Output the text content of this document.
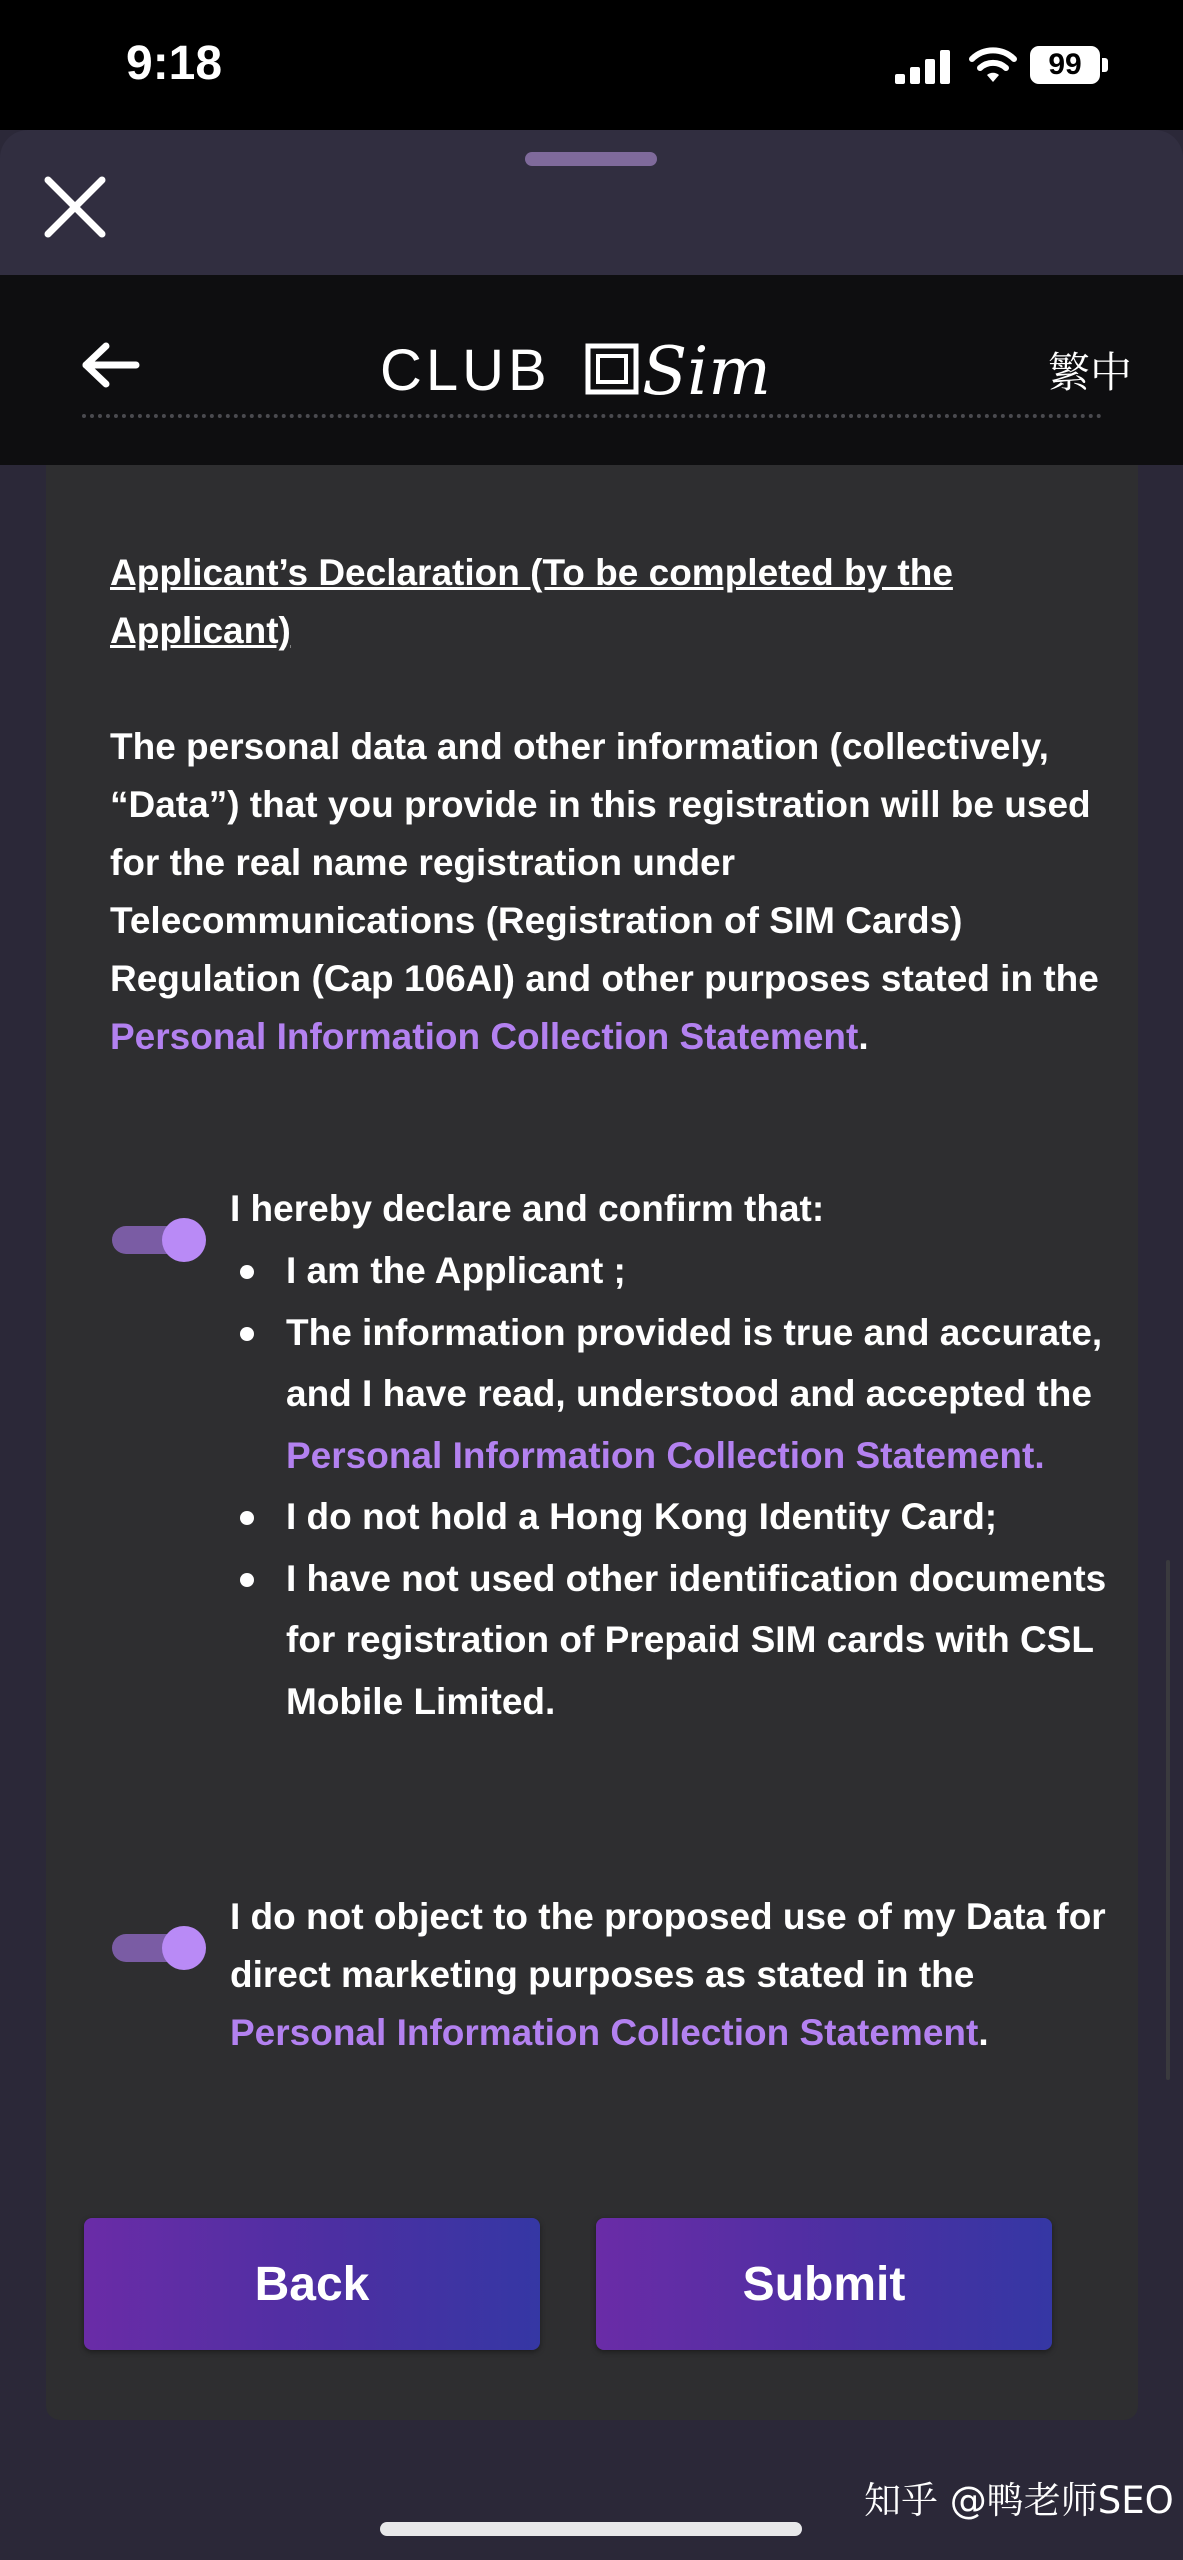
9:18	99
CLUB Sim	繁中
Applicant’s Declaration (To be completed by the Applicant)
The personal data and other information (collectively, “Data”) that you provide in this registration will be used for the real name registration under Telecommunications (Registration of SIM Cards) Regulation (Cap 106AI) and other purposes stated in the Personal Information Collection Statement.
I hereby declare and confirm that:
I am the Applicant ;
The information provided is true and accurate, and I have read, understood and accepted the Personal Information Collection Statement.
I do not hold a Hong Kong Identity Card;
I have not used other identification documents for registration of Prepaid SIM cards with CSL Mobile Limited.
I do not object to the proposed use of my Data for direct marketing purposes as stated in the Personal Information Collection Statement.
Back	Submit
知乎 @鸭老师SEO
